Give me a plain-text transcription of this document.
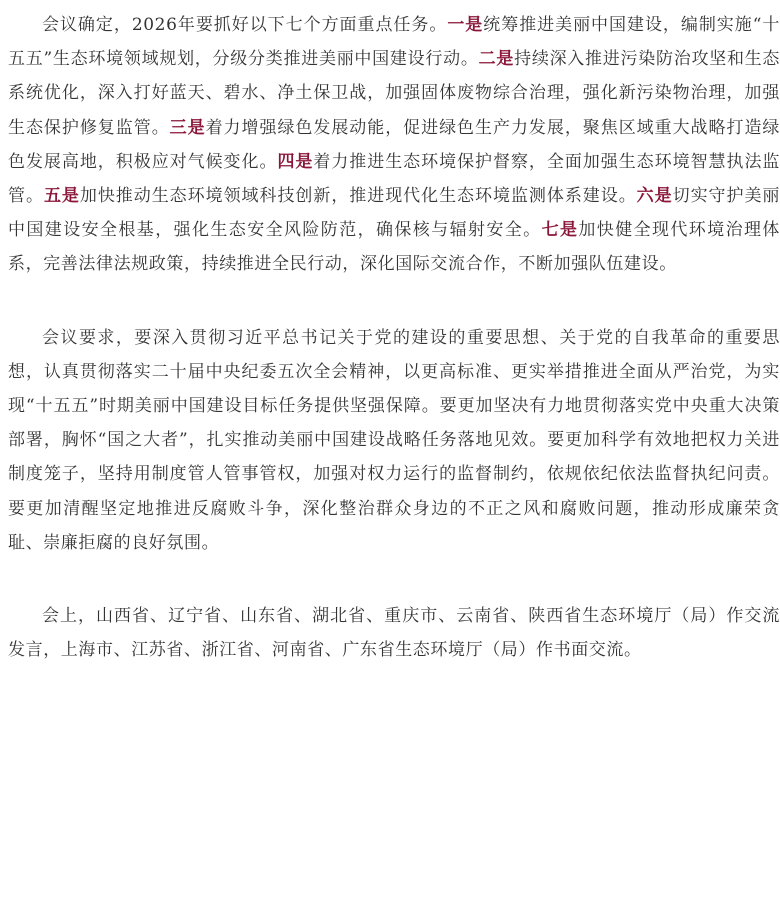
会议确定，2026年要抓好以下七个方面重点任务。一是统筹推进美丽中国建设，编制实施“十五五”生态环境领域规划，分级分类推进美丽中国建设行动。二是持续深入推进污染防治攻坚和生态系统优化，深入打好蓝天、碧水、净土保卫战，加强固体废物综合治理，强化新污染物治理，加强生态保护修复监管。三是着力增强绿色发展动能，促进绿色生产力发展，聚焦区域重大战略打造绿色发展高地，积极应对气候变化。四是着力推进生态环境保护督察，全面加强生态环境智慧执法监管。五是加快推动生态环境领域科技创新，推进现代化生态环境监测体系建设。六是切实守护美丽中国建设安全根基，强化生态安全风险防范，确保核与辐射安全。七是加快健全现代环境治理体系，完善法律法规政策，持续推进全民行动，深化国际交流合作，不断加强队伍建设。

会议要求，要深入贯彻习近平总书记关于党的建设的重要思想、关于党的自我革命的重要思想，认真贯彻落实二十届中央纪委五次全会精神，以更高标准、更实举措推进全面从严治党，为实现“十五五”时期美丽中国建设目标任务提供坚强保障。要更加坚决有力地贯彻落实党中央重大决策部署，胸怀“国之大者”，扎实推动美丽中国建设战略任务落地见效。要更加科学有效地把权力关进制度笼子，坚持用制度管人管事管权，加强对权力运行的监督制约，依规依纪依法监督执纪问责。要更加清醒坚定地推进反腐败斗争，深化整治群众身边的不正之风和腐败问题，推动形成廉荣贪耻、崇廉拒腐的良好氛围。

会上，山西省、辽宁省、山东省、湖北省、重庆市、云南省、陕西省生态环境厅（局）作交流发言，上海市、江苏省、浙江省、河南省、广东省生态环境厅（局）作书面交流。
